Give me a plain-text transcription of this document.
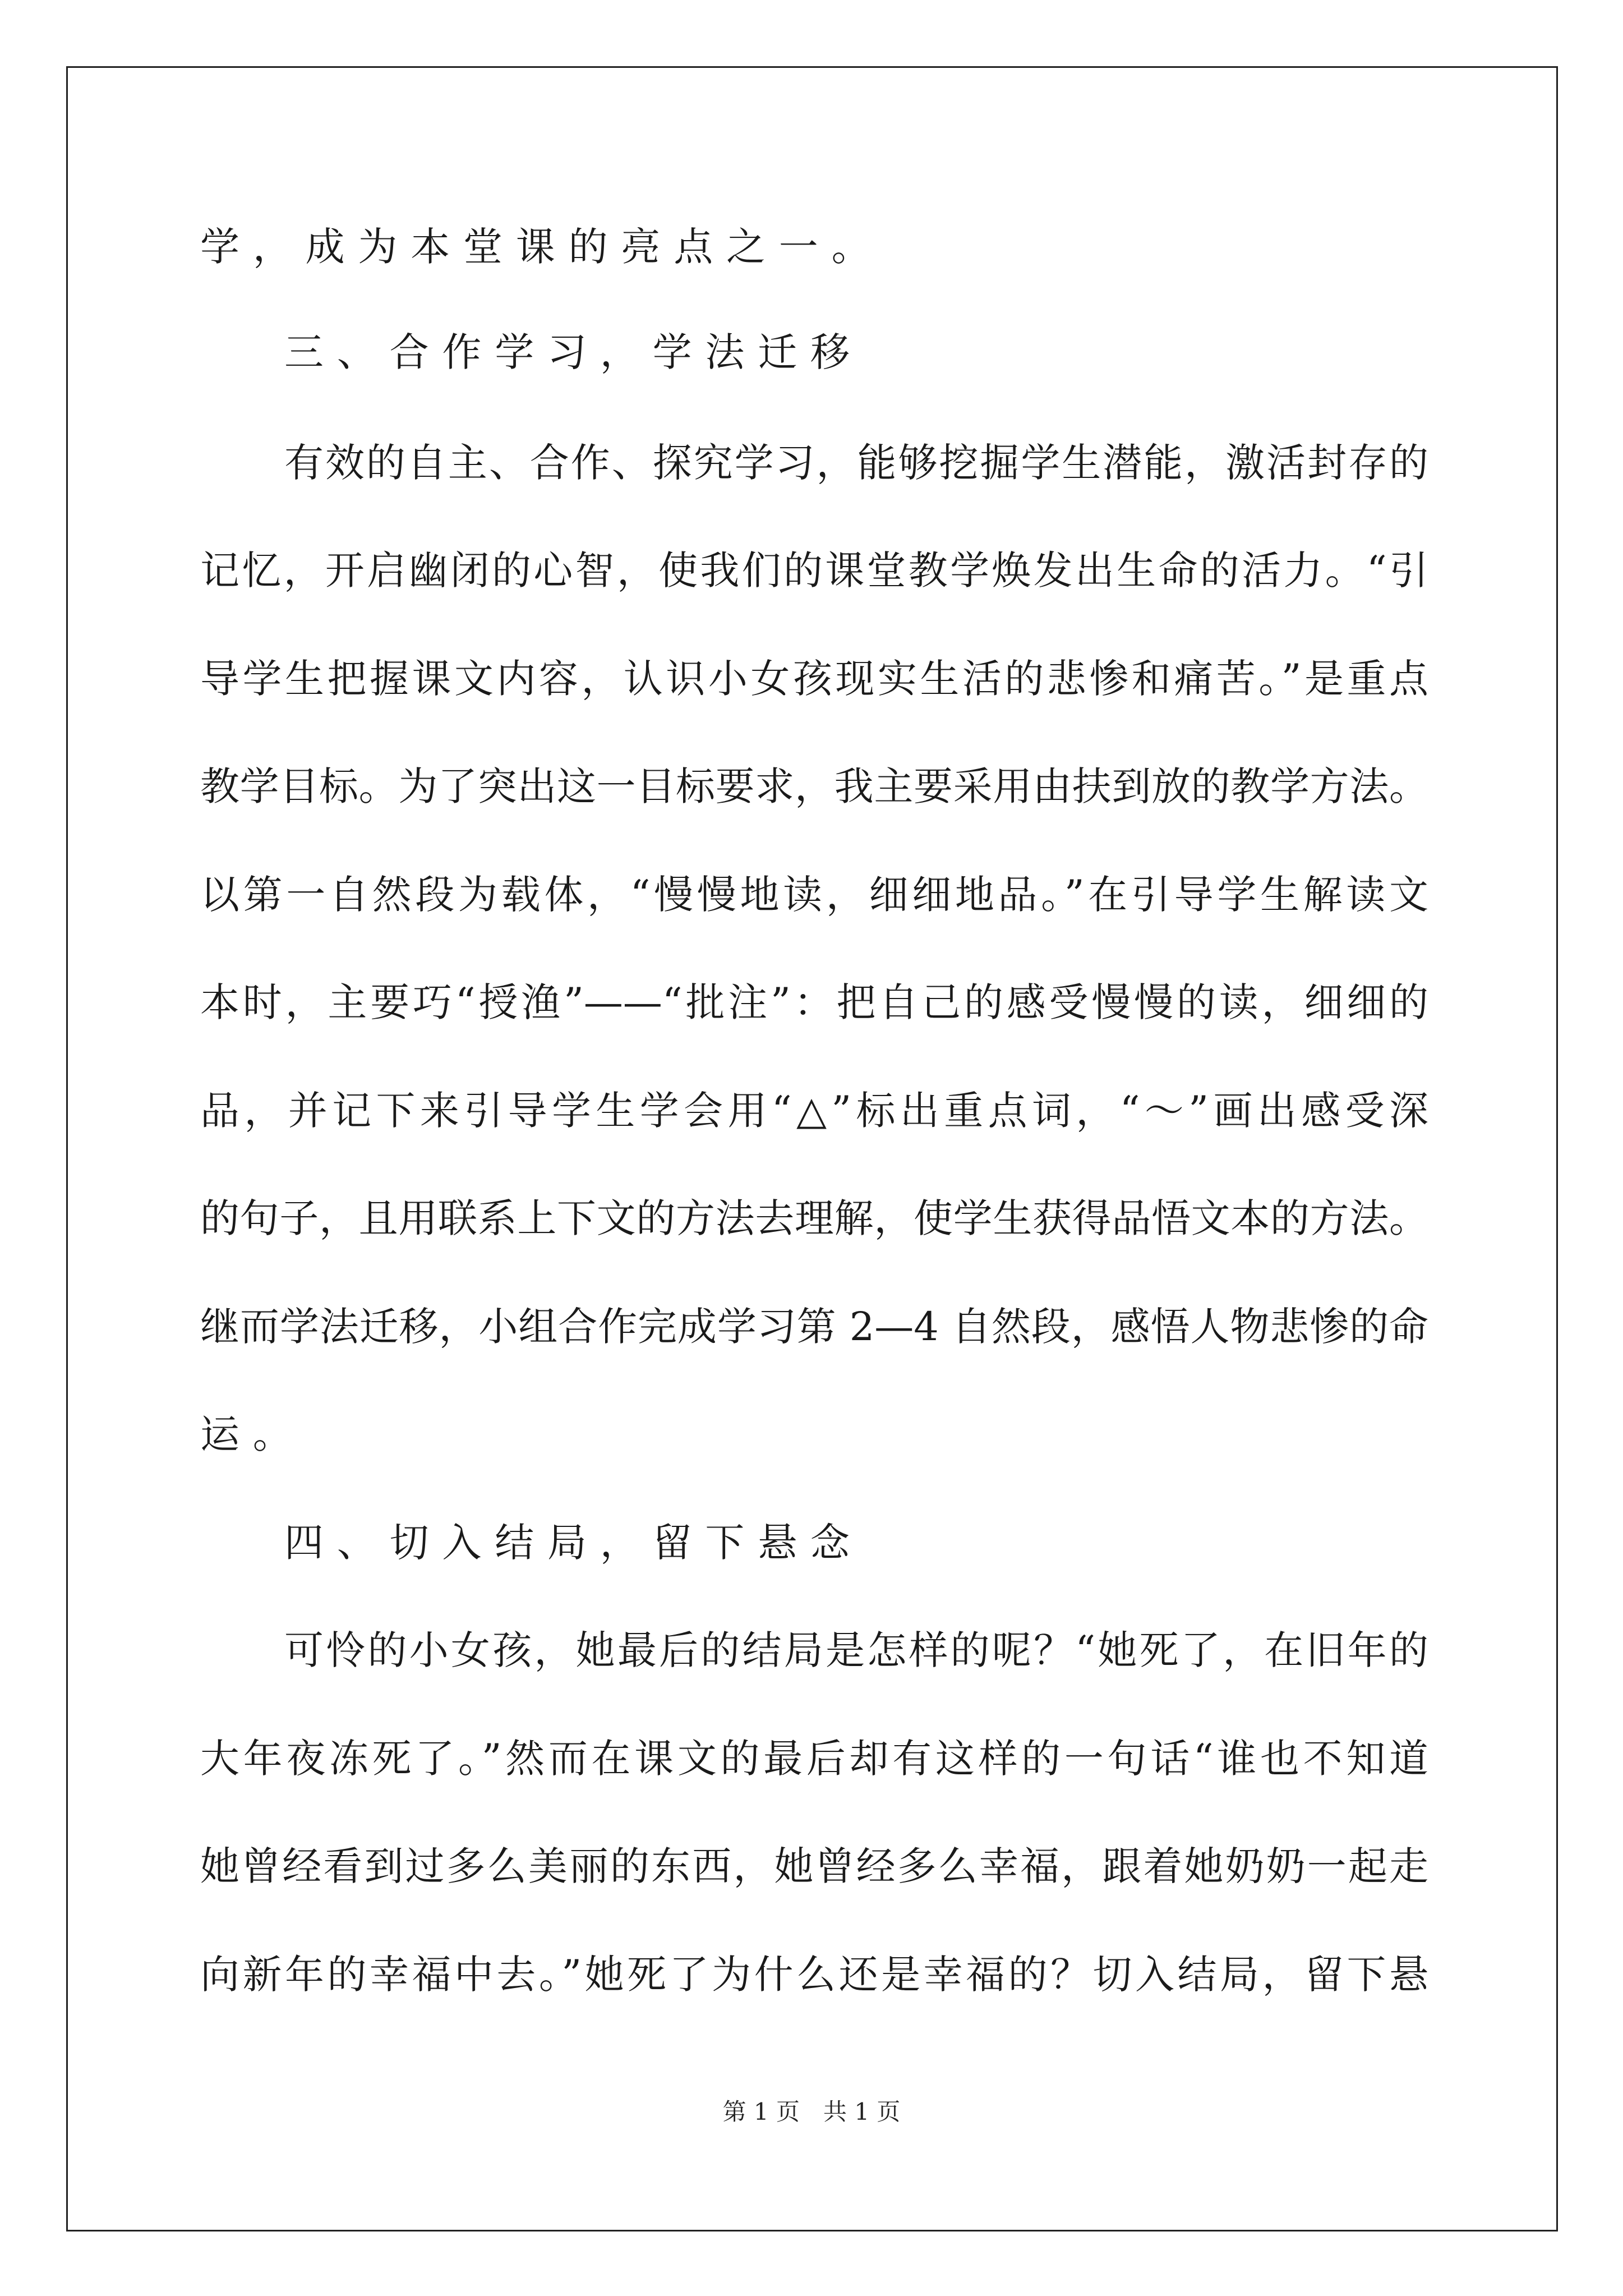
学，成为本堂课的亮点之一。
三、合作学习，学法迁移
有效的自主、合作、探究学习，能够挖掘学生潜能，激活封存的
记忆，开启幽闭的心智，使我们的课堂教学焕发出生命的活力。“引
导学生把握课文内容，认识小女孩现实生活的悲惨和痛苦。”是重点
教学目标。为了突出这一目标要求，我主要采用由扶到放的教学方法。
以第一自然段为载体，“慢慢地读，细细地品。”在引导学生解读文
本时，主要巧“授渔”——“批注”：把自己的感受慢慢的读，细细的
品，并记下来引导学生学会用“△”标出重点词，“～”画出感受深
的句子，且用联系上下文的方法去理解，使学生获得品悟文本的方法。
继而学法迁移，小组合作完成学习第 2—4 自然段，感悟人物悲惨的命
运。
四、切入结局，留下悬念
可怜的小女孩，她最后的结局是怎样的呢？“她死了，在旧年的
大年夜冻死了。”然而在课文的最后却有这样的一句话“谁也不知道
她曾经看到过多么美丽的东西，她曾经多么幸福，跟着她奶奶一起走
向新年的幸福中去。”她死了为什么还是幸福的？切入结局，留下悬
第 1 页　共 1 页
